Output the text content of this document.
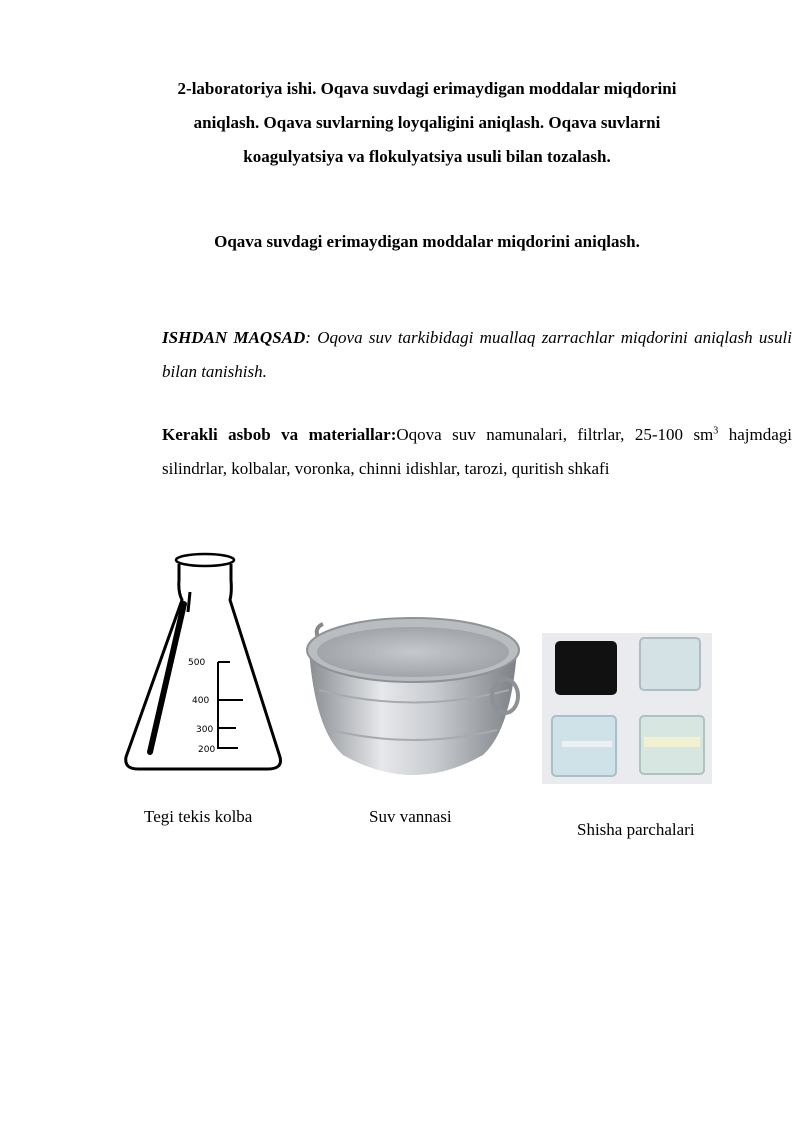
2-laboratoriya ishi. Oqava suvdagi erimaydigan moddalar miqdorini
aniqlash. Oqava suvlarning loyqaligini aniqlash. Oqava suvlarni
koagulyatsiya va flokulyatsiya usuli bilan tozalash.
Oqava suvdagi erimaydigan moddalar miqdorini aniqlash.
ISHDAN MAQSAD: Oqova suv tarkibidagi muallaq zarrachlar miqdorini aniqlash usuli bilan tanishish.
Kerakli asbob va materiallar:Oqova suv namunalari, filtrlar, 25-100 $sm^3$ hajmdagi silindrlar, kolbalar, voronka, chinni idishlar, tarozi, quritish shkafi
500
400
300
200
Tegi tekis kolba	Suv vannasi
Shisha parchalari
